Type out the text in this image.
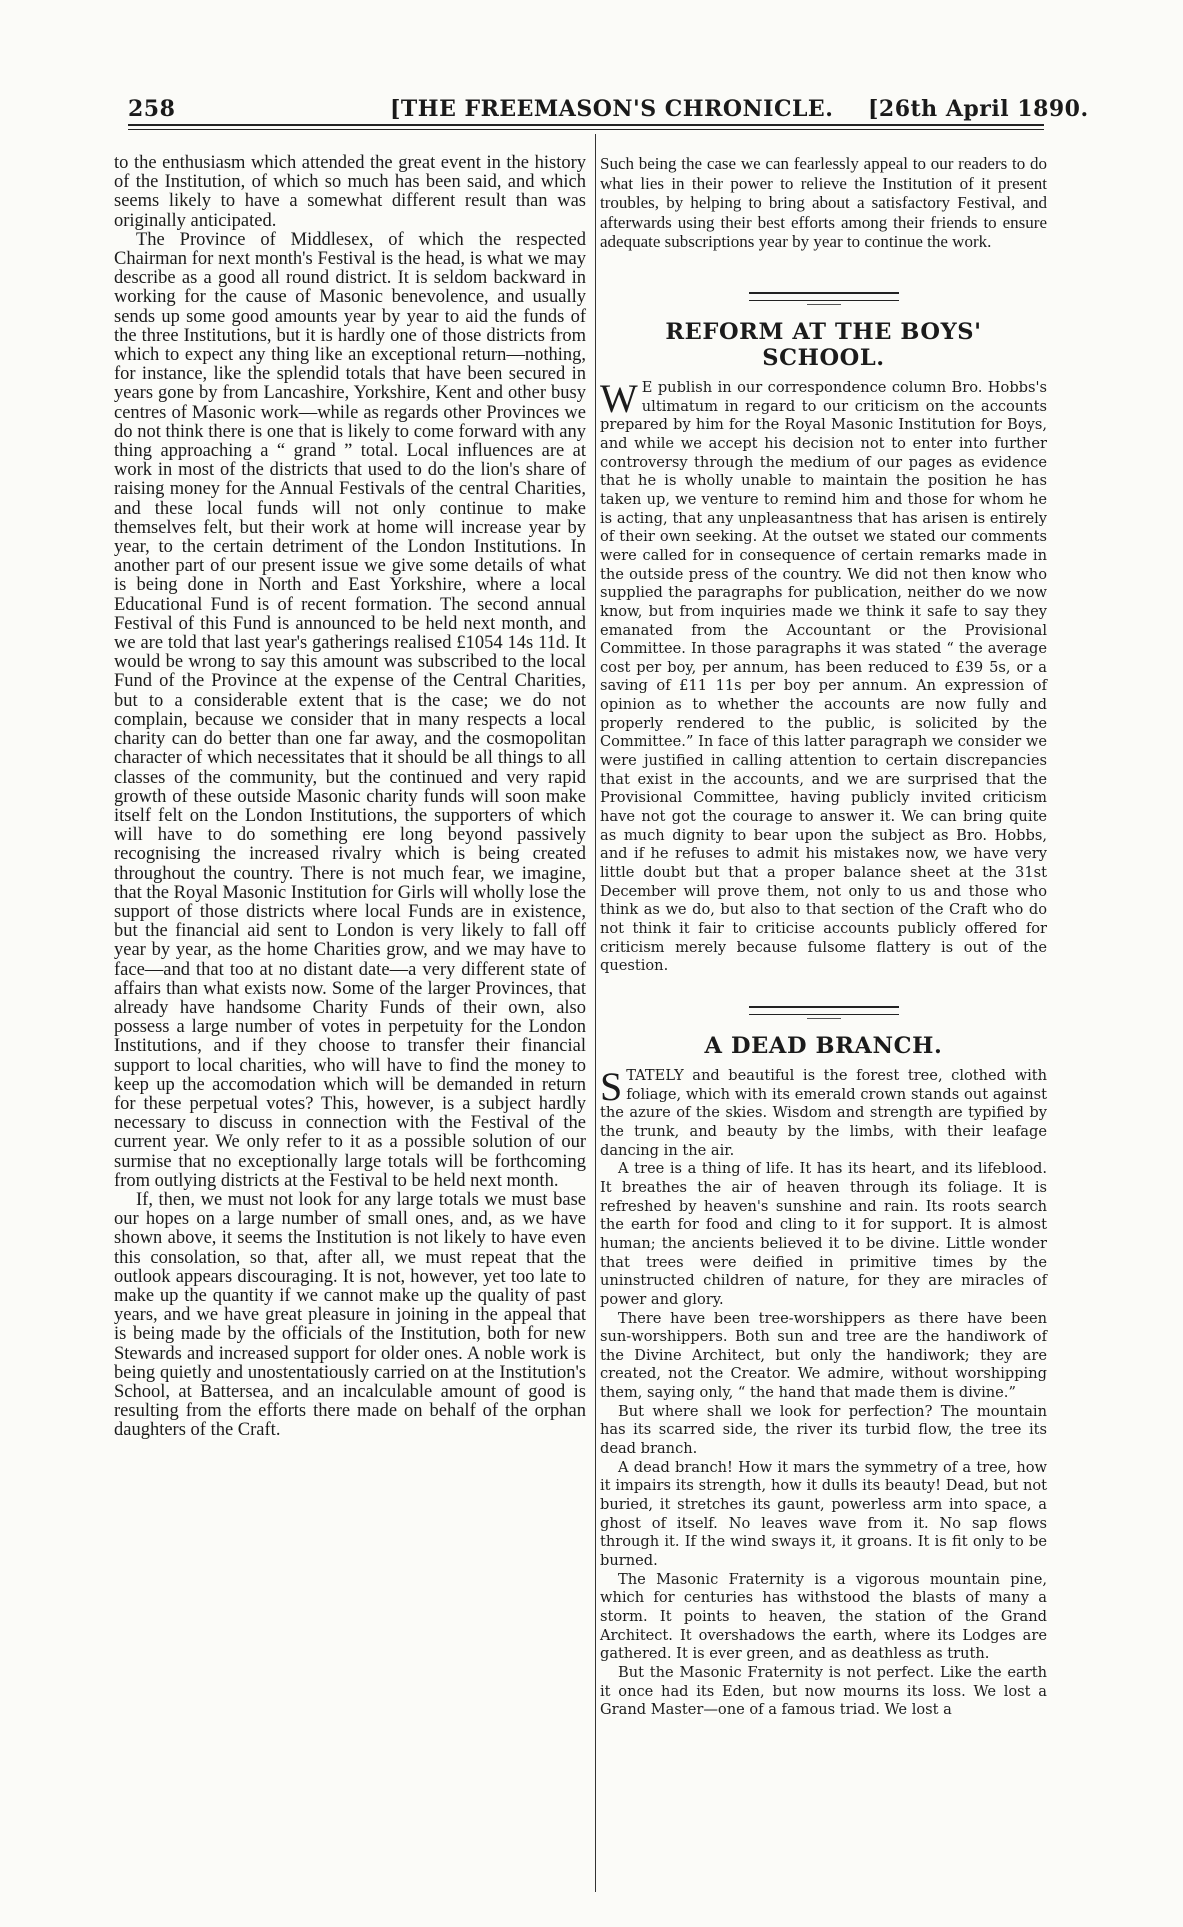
258	[THE FREEMASON'S CHRONICLE. [26th April 1890.

to the enthusiasm which attended the great event in the history of the Institution, of which so much has been said, and which seems likely to have a somewhat different result than was originally anticipated.

The Province of Middlesex, of which the respected Chairman for next month's Festival is the head, is what we may describe as a good all round district. It is seldom backward in working for the cause of Masonic benevolence, and usually sends up some good amounts year by year to aid the funds of the three Institutions, but it is hardly one of those districts from which to expect any thing like an exceptional return—nothing, for instance, like the splendid totals that have been secured in years gone by from Lancashire, Yorkshire, Kent and other busy centres of Masonic work—while as regards other Provinces we do not think there is one that is likely to come forward with any thing approaching a “ grand ” total. Local influences are at work in most of the districts that used to do the lion's share of raising money for the Annual Festivals of the central Charities, and these local funds will not only continue to make themselves felt, but their work at home will increase year by year, to the certain detriment of the London Institutions. In another part of our present issue we give some details of what is being done in North and East Yorkshire, where a local Educational Fund is of recent formation. The second annual Festival of this Fund is announced to be held next month, and we are told that last year's gatherings realised £1054 14s 11d. It would be wrong to say this amount was subscribed to the local Fund of the Province at the expense of the Central Charities, but to a considerable extent that is the case; we do not complain, because we consider that in many respects a local charity can do better than one far away, and the cosmopolitan character of which necessitates that it should be all things to all classes of the community, but the continued and very rapid growth of these outside Masonic charity funds will soon make itself felt on the London Institutions, the supporters of which will have to do something ere long beyond passively recognising the increased rivalry which is being created throughout the country. There is not much fear, we imagine, that the Royal Masonic Institution for Girls will wholly lose the support of those districts where local Funds are in existence, but the financial aid sent to London is very likely to fall off year by year, as the home Charities grow, and we may have to face—and that too at no distant date—a very different state of affairs than what exists now. Some of the larger Provinces, that already have handsome Charity Funds of their own, also possess a large number of votes in perpetuity for the London Institutions, and if they choose to transfer their financial support to local charities, who will have to find the money to keep up the accomodation which will be demanded in return for these perpetual votes? This, however, is a subject hardly necessary to discuss in connection with the Festival of the current year. We only refer to it as a possible solution of our surmise that no exceptionally large totals will be forthcoming from outlying districts at the Festival to be held next month.

If, then, we must not look for any large totals we must base our hopes on a large number of small ones, and, as we have shown above, it seems the Institution is not likely to have even this consolation, so that, after all, we must repeat that the outlook appears discouraging. It is not, however, yet too late to make up the quantity if we cannot make up the quality of past years, and we have great pleasure in joining in the appeal that is being made by the officials of the Institution, both for new Stewards and increased support for older ones. A noble work is being quietly and unostentatiously carried on at the Institution's School, at Battersea, and an incalculable amount of good is resulting from the efforts there made on behalf of the orphan daughters of the Craft.

Such being the case we can fearlessly appeal to our readers to do what lies in their power to relieve the Institution of it present troubles, by helping to bring about a satisfactory Festival, and afterwards using their best efforts among their friends to ensure adequate subscriptions year by year to continue the work.

REFORM AT THE BOYS' SCHOOL.

W E publish in our correspondence column Bro. Hobbs's ultimatum in regard to our criticism on the accounts prepared by him for the Royal Masonic Institution for Boys, and while we accept his decision not to enter into further controversy through the medium of our pages as evidence that he is wholly unable to maintain the position he has taken up, we venture to remind him and those for whom he is acting, that any unpleasantness that has arisen is entirely of their own seeking. At the outset we stated our comments were called for in consequence of certain remarks made in the outside press of the country. We did not then know who supplied the paragraphs for publication, neither do we now know, but from inquiries made we think it safe to say they emanated from the Accountant or the Provisional Committee. In those paragraphs it was stated “ the average cost per boy, per annum, has been reduced to £39 5s, or a saving of £11 11s per boy per annum. An expression of opinion as to whether the accounts are now fully and properly rendered to the public, is solicited by the Committee.” In face of this latter paragraph we consider we were justified in calling attention to certain discrepancies that exist in the accounts, and we are surprised that the Provisional Committee, having publicly invited criticism have not got the courage to answer it. We can bring quite as much dignity to bear upon the subject as Bro. Hobbs, and if he refuses to admit his mistakes now, we have very little doubt but that a proper balance sheet at the 31st December will prove them, not only to us and those who think as we do, but also to that section of the Craft who do not think it fair to criticise accounts publicly offered for criticism merely because fulsome flattery is out of the question.

A DEAD BRANCH.

STATELY and beautiful is the forest tree, clothed with foliage, which with its emerald crown stands out against the azure of the skies. Wisdom and strength are typified by the trunk, and beauty by the limbs, with their leafage dancing in the air.

A tree is a thing of life. It has its heart, and its lifeblood. It breathes the air of heaven through its foliage. It is refreshed by heaven's sunshine and rain. Its roots search the earth for food and cling to it for support. It is almost human; the ancients believed it to be divine. Little wonder that trees were deified in primitive times by the uninstructed children of nature, for they are miracles of power and glory.

There have been tree-worshippers as there have been sun-worshippers. Both sun and tree are the handiwork of the Divine Architect, but only the handiwork; they are created, not the Creator. We admire, without worshipping them, saying only, “ the hand that made them is divine.”

But where shall we look for perfection? The mountain has its scarred side, the river its turbid flow, the tree its dead branch.

A dead branch! How it mars the symmetry of a tree, how it impairs its strength, how it dulls its beauty! Dead, but not buried, it stretches its gaunt, powerless arm into space, a ghost of itself. No leaves wave from it. No sap flows through it. If the wind sways it, it groans. It is fit only to be burned.

The Masonic Fraternity is a vigorous mountain pine, which for centuries has withstood the blasts of many a storm. It points to heaven, the station of the Grand Architect. It overshadows the earth, where its Lodges are gathered. It is ever green, and as deathless as truth.

But the Masonic Fraternity is not perfect. Like the earth it once had its Eden, but now mourns its loss. We lost a Grand Master—one of a famous triad. We lost a
